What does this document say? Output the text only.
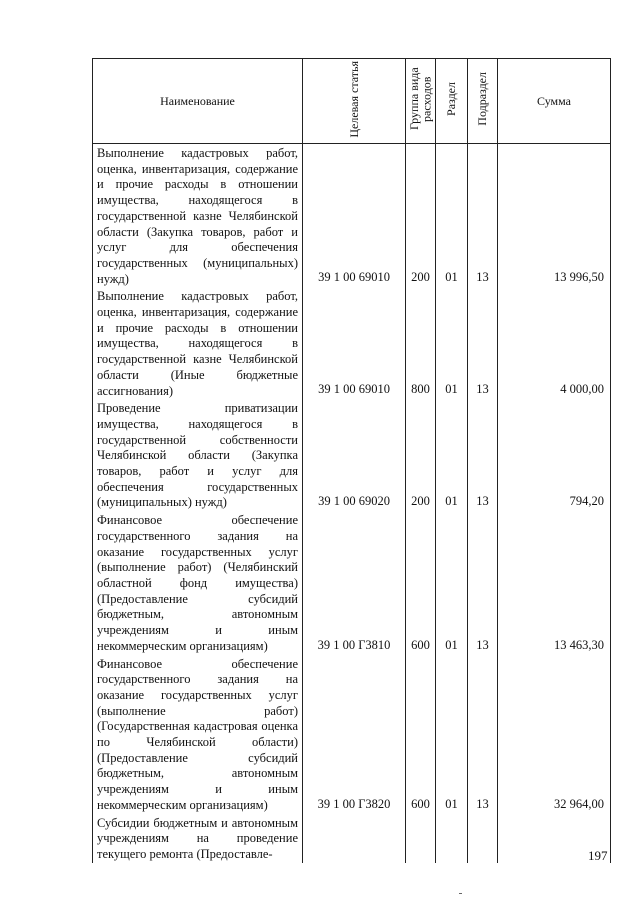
Наименование	Целевая статья	Группа вида расходов	Раздел	Подраздел	Сумма
Выполнение кадастровых работ, оценка, инвентаризация, содержание и прочие расходы в отношении имущества, находящегося в государственной казне Челябинской области (Закупка товаров, работ и услуг для обеспечения государственных (муниципальных) нужд)	39 1 00 69010	200	01	13	13 996,50
Выполнение кадастровых работ, оценка, инвентаризация, содержание и прочие расходы в отношении имущества, находящегося в государственной казне Челябинской области (Иные бюджетные ассигнования)	39 1 00 69010	800	01	13	4 000,00
Проведение приватизации имущества, находящегося в государственной собственности Челябинской области (Закупка товаров, работ и услуг для обеспечения государственных (муниципальных) нужд)	39 1 00 69020	200	01	13	794,20
Финансовое обеспечение государственного задания на оказание государственных услуг (выполнение работ) (Челябинский областной фонд имущества) (Предоставление субсидий бюджетным, автономным учреждениям и иным некоммерческим организациям)	39 1 00 Г3810	600	01	13	13 463,30
Финансовое обеспечение государственного задания на оказание государственных услуг (выполнение работ) (Государственная кадастровая оценка по Челябинской области) (Предоставление субсидий бюджетным, автономным учреждениям и иным некоммерческим организациям)	39 1 00 Г3820	600	01	13	32 964,00
Субсидии бюджетным и автономным учреждениям на проведение текущего ремонта (Предоставле-						197
